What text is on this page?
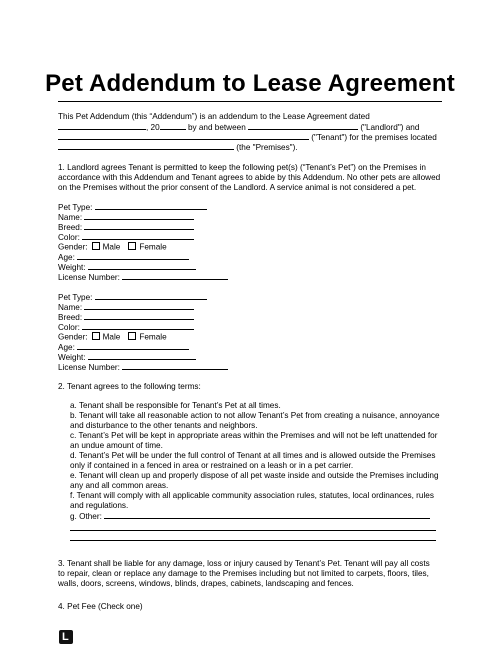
Pet Addendum to Lease Agreement
This Pet Addendum (this “Addendum”) is an addendum to the Lease Agreement dated
, 20	by and between	("Landlord") and
("Tenant") for the premises located
(the "Premises").
1. Landlord agrees Tenant is permitted to keep the following pet(s) (“Tenant’s Pet”) on the Premises in
accordance with this Addendum and Tenant agrees to abide by this Addendum. No other pets are allowed
on the Premises without the prior consent of the Landlord. A service animal is not considered a pet.
Pet Type:
Name:
Breed:
Color:
Gender: Male Female
Age:
Weight:
License Number:
Pet Type:
Name:
Breed:
Color:
Gender: Male Female
Age:
Weight:
License Number:
2. Tenant agrees to the following terms:
a. Tenant shall be responsible for Tenant’s Pet at all times.
b. Tenant will take all reasonable action to not allow Tenant’s Pet from creating a nuisance, annoyance
and disturbance to the other tenants and neighbors.
c. Tenant’s Pet will be kept in appropriate areas within the Premises and will not be left unattended for
an undue amount of time.
d. Tenant’s Pet will be under the full control of Tenant at all times and is allowed outside the Premises
only if contained in a fenced in area or restrained on a leash or in a pet carrier.
e. Tenant will clean up and properly dispose of all pet waste inside and outside the Premises including
any and all common areas.
f. Tenant will comply with all applicable community association rules, statutes, local ordinances, rules
and regulations.
g. Other:
3. Tenant shall be liable for any damage, loss or injury caused by Tenant’s Pet. Tenant will pay all costs
to repair, clean or replace any damage to the Premises including but not limited to carpets, floors, tiles,
walls, doors, screens, windows, blinds, drapes, cabinets, landscaping and fences.
4. Pet Fee (Check one)
L
